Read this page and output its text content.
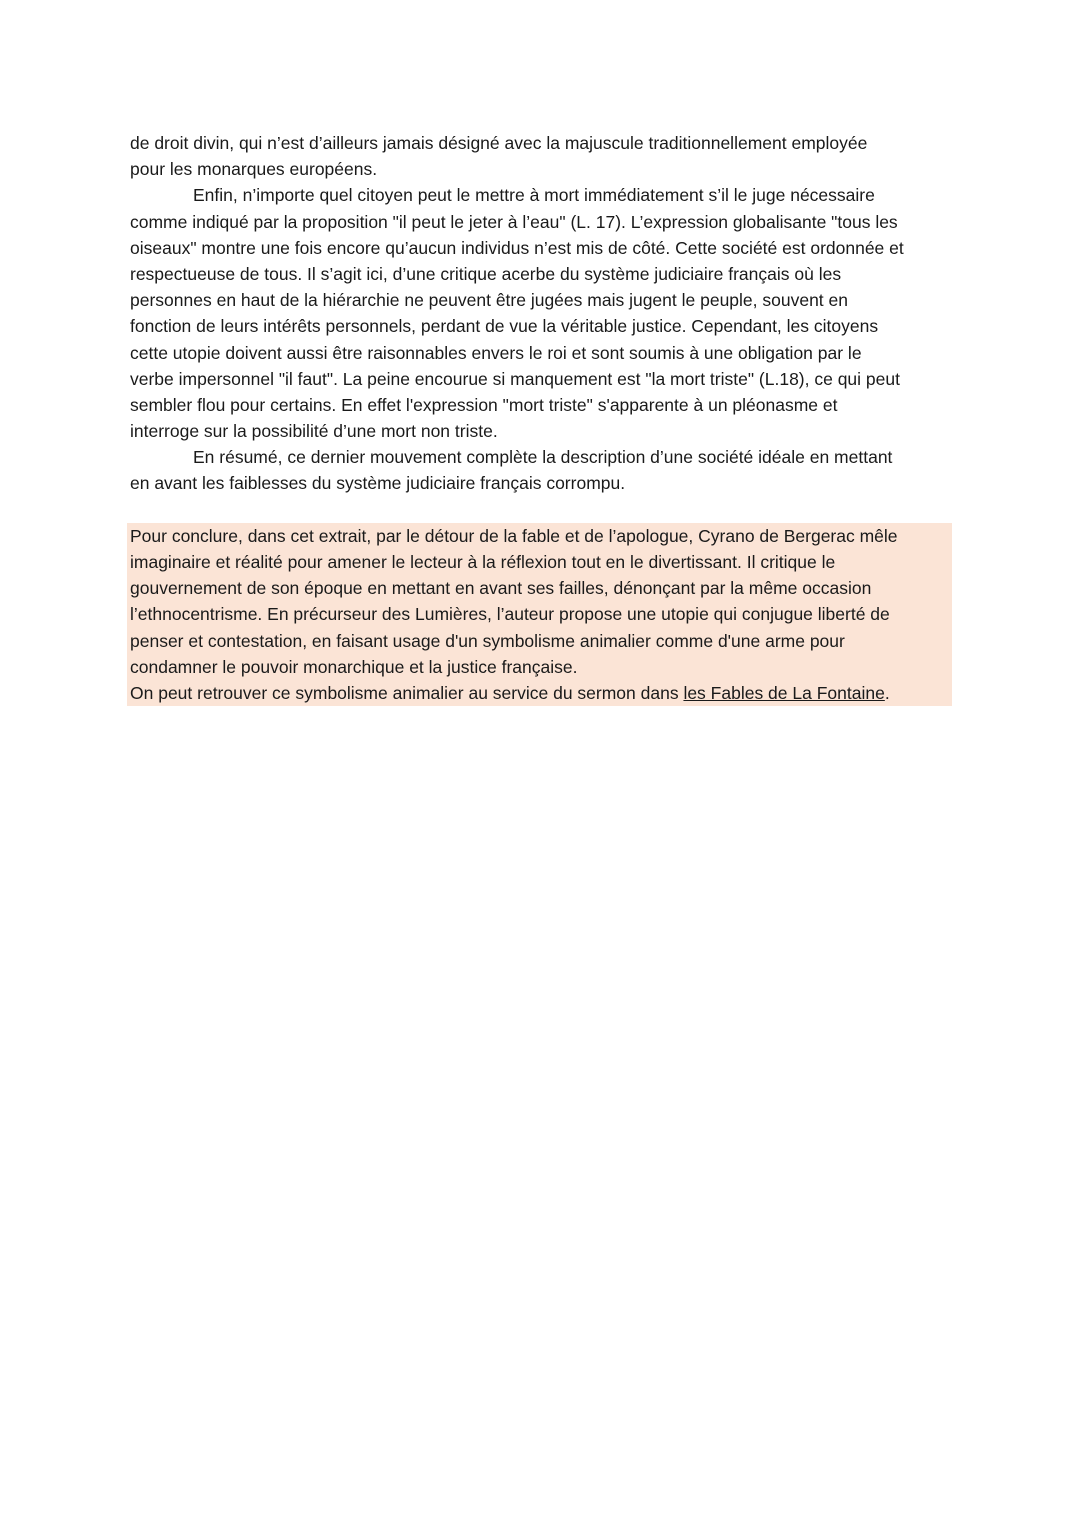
de droit divin, qui n’est d’ailleurs jamais désigné avec la majuscule traditionnellement employée
pour les monarques européens.
Enfin, n’importe quel citoyen peut le mettre à mort immédiatement s’il le juge nécessaire
comme indiqué par la proposition "il peut le jeter à l’eau" (L. 17). L’expression globalisante "tous les
oiseaux" montre une fois encore qu’aucun individus n’est mis de côté. Cette société est ordonnée et
respectueuse de tous. Il s’agit ici, d’une critique acerbe du système judiciaire français où les
personnes en haut de la hiérarchie ne peuvent être jugées mais jugent le peuple, souvent en
fonction de leurs intérêts personnels, perdant de vue la véritable justice. Cependant, les citoyens
cette utopie doivent aussi être raisonnables envers le roi et sont soumis à une obligation par le
verbe impersonnel "il faut". La peine encourue si manquement est "la mort triste" (L.18), ce qui peut
sembler flou pour certains. En effet l'expression "mort triste" s'apparente à un pléonasme et
interroge sur la possibilité d’une mort non triste.
En résumé, ce dernier mouvement complète la description d’une société idéale en mettant
en avant les faiblesses du système judiciaire français corrompu.
Pour conclure, dans cet extrait, par le détour de la fable et de l’apologue, Cyrano de Bergerac mêle
imaginaire et réalité pour amener le lecteur à la réflexion tout en le divertissant. Il critique le
gouvernement de son époque en mettant en avant ses failles, dénonçant par la même occasion
l’ethnocentrisme. En précurseur des Lumières, l’auteur propose une utopie qui conjugue liberté de
penser et contestation, en faisant usage d'un symbolisme animalier comme d'une arme pour
condamner le pouvoir monarchique et la justice française.
On peut retrouver ce symbolisme animalier au service du sermon dans les Fables de La Fontaine.
